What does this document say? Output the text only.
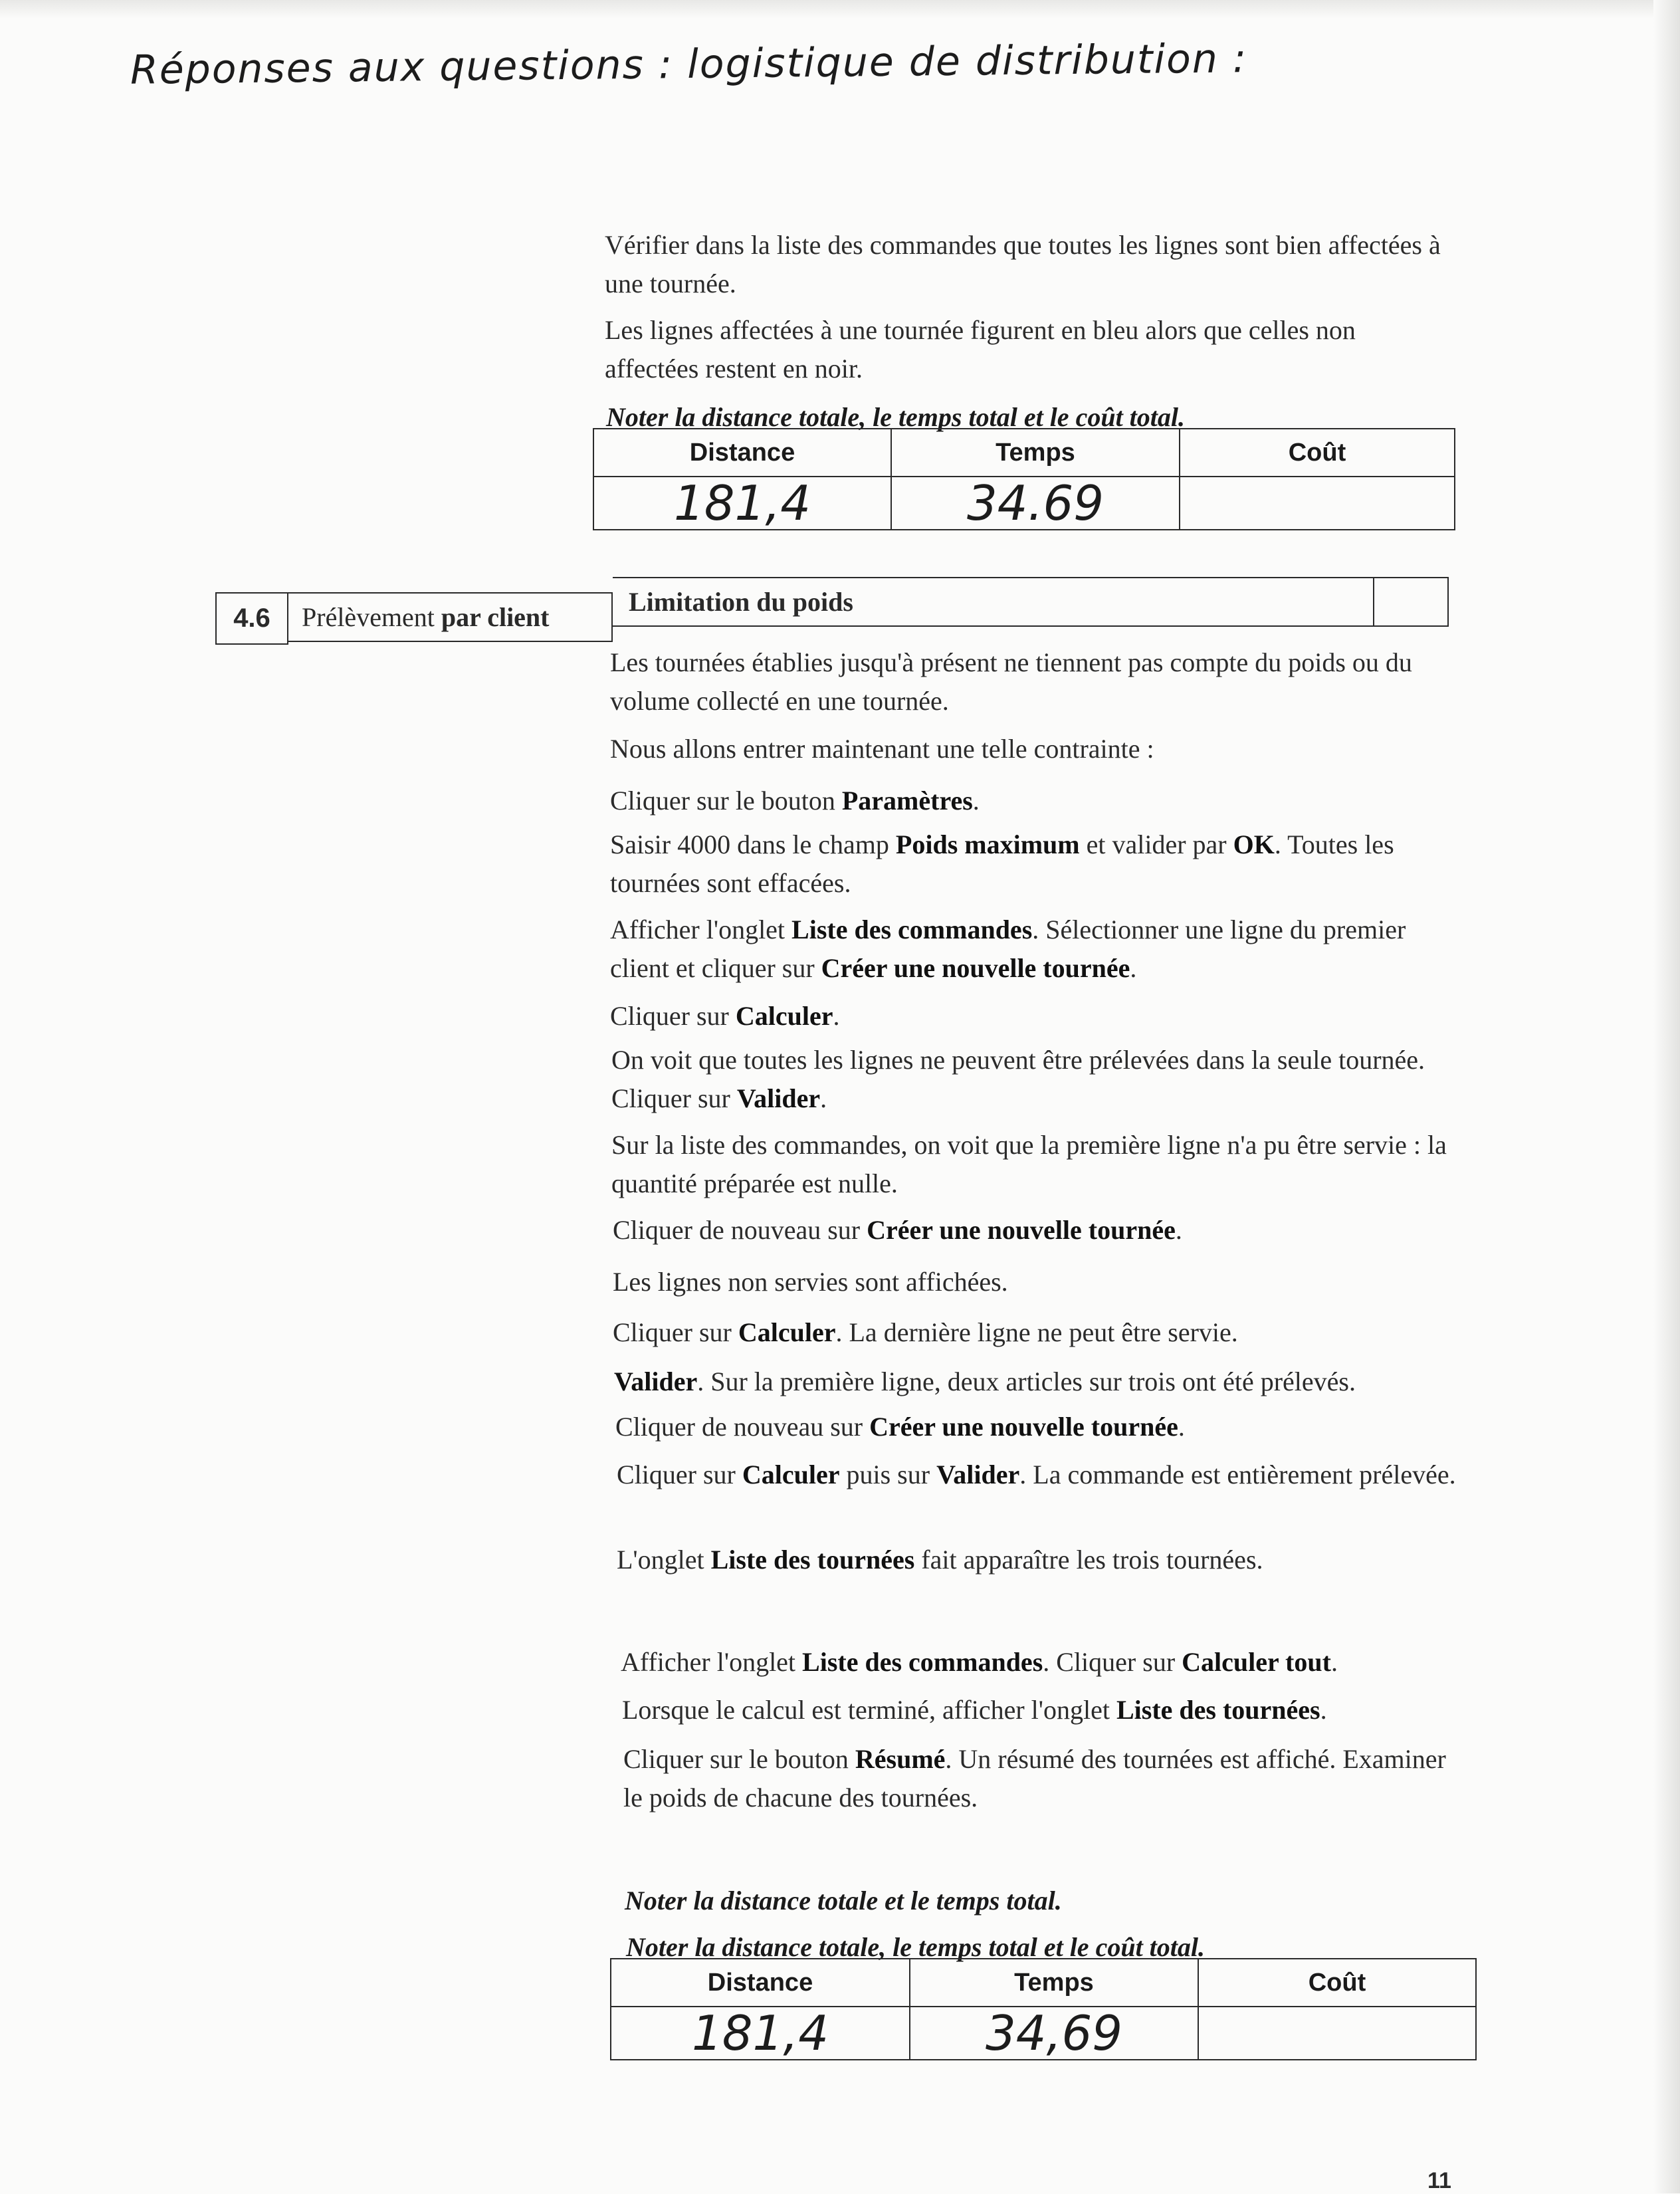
Réponses aux questions : logistique de distribution :
Vérifier dans la liste des commandes que toutes les lignes sont bien affectées à une tournée.
Les lignes affectées à une tournée figurent en bleu alors que celles non affectées restent en noir.
Noter la distance totale, le temps total et le coût total.
Distance	Temps	Coût
181,4	34.69	
4.6	Prélèvement
par client
Limitation du poids
Les tournées établies jusqu'à présent ne tiennent pas compte du poids ou du volume collecté en une tournée.
Nous allons entrer maintenant une telle contrainte :
Cliquer sur le bouton Paramètres.
Saisir 4000 dans le champ Poids maximum et valider par OK. Toutes les tournées sont effacées.
Afficher l'onglet Liste des commandes. Sélectionner une ligne du premier client et cliquer sur Créer une nouvelle tournée.
Cliquer sur Calculer.
On voit que toutes les lignes ne peuvent être prélevées dans la seule tournée. Cliquer sur Valider.
Sur la liste des commandes, on voit que la première ligne n'a pu être servie : la quantité préparée est nulle.
Cliquer de nouveau sur Créer une nouvelle tournée.
Les lignes non servies sont affichées.
Cliquer sur Calculer. La dernière ligne ne peut être servie.
Valider. Sur la première ligne, deux articles sur trois ont été prélevés.
Cliquer de nouveau sur Créer une nouvelle tournée.
Cliquer sur Calculer puis sur Valider. La commande est entièrement prélevée.
L'onglet Liste des tournées fait apparaître les trois tournées.
Afficher l'onglet Liste des commandes. Cliquer sur Calculer tout.
Lorsque le calcul est terminé, afficher l'onglet Liste des tournées.
Cliquer sur le bouton Résumé. Un résumé des tournées est affiché. Examiner le poids de chacune des tournées.
Noter la distance totale et le temps total.
Noter la distance totale, le temps total et le coût total.
Distance	Temps	Coût
181,4	34,69	
11
